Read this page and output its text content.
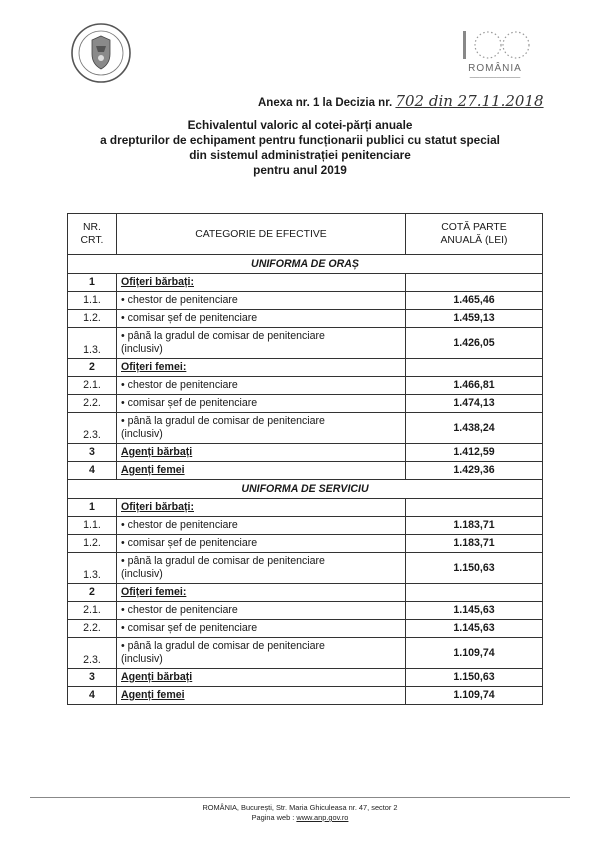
ROMÂNIA
━━━━━━━━━━━━━━━━━━━━━
Anexa nr. 1 la Decizia nr. 702 din 27.11.2018
Echivalentul valoric al cotei-părți anuale
a drepturilor de echipament pentru funcționarii publici cu statut special
din sistemul administrației penitenciare
pentru anul 2019
NR.
CRT.	CATEGORIE DE EFECTIVE	COTĂ PARTE
ANUALĂ (LEI)
UNIFORMA DE ORAȘ		
1	Ofițeri bărbați:	
1.1.	• chestor de penitenciare	1.465,46
1.2.	• comisar șef de penitenciare	1.459,13
1.3.	• până la gradul de comisar de penitenciare
(inclusiv)	1.426,05
2	Ofițeri femei:	
2.1.	• chestor de penitenciare	1.466,81
2.2.	• comisar șef de penitenciare	1.474,13
2.3.	• până la gradul de comisar de penitenciare
(inclusiv)	1.438,24
3	Agenți bărbați	1.412,59
4	Agenți femei	1.429,36
UNIFORMA DE SERVICIU		
1	Ofițeri bărbați:	
1.1.	• chestor de penitenciare	1.183,71
1.2.	• comisar șef de penitenciare	1.183,71
1.3.	• până la gradul de comisar de penitenciare
(inclusiv)	1.150,63
2	Ofițeri femei:	
2.1.	• chestor de penitenciare	1.145,63
2.2.	• comisar șef de penitenciare	1.145,63
2.3.	• până la gradul de comisar de penitenciare
(inclusiv)	1.109,74
3	Agenți bărbați	1.150,63
4	Agenți femei	1.109,74
ROMÂNIA, București, Str. Maria Ghiculeasa nr. 47, sector 2
Pagina web : www.anp.gov.ro
